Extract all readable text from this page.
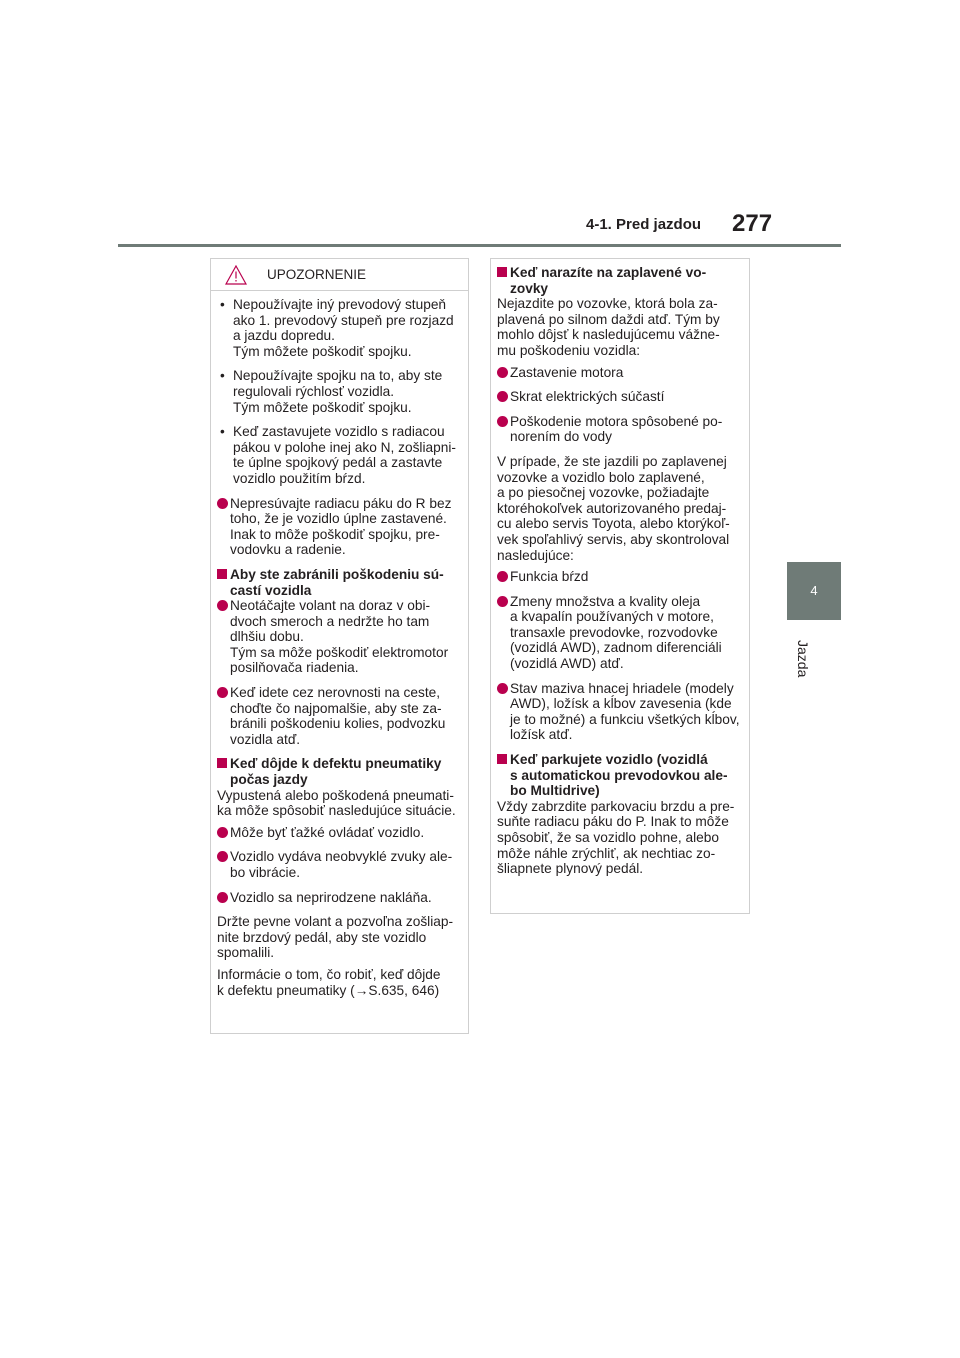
4-1. Pred jazdou 277
4
Jazda
UPOZORNENIE
• Nepoužívajte iný prevodový stupeň
ako 1. prevodový stupeň pre rozjazd
a jazdu dopredu.
Tým môžete poškodiť spojku.
• Nepoužívajte spojku na to, aby ste
regulovali rýchlosť vozidla.
Tým môžete poškodiť spojku.
• Keď zastavujete vozidlo s radiacou
pákou v polohe inej ako N, zošliapni-
te úplne spojkový pedál a zastavte
vozidlo použitím bŕzd.
Nepresúvajte radiacu páku do R bez
toho, že je vozidlo úplne zastavené.
Inak to môže poškodiť spojku, pre-
vodovku a radenie.
Aby ste zabránili poškodeniu sú-
castí vozidla
Neotáčajte volant na doraz v obi-
dvoch smeroch a nedržte ho tam
dlhšiu dobu.
Tým sa môže poškodiť elektromotor
posilňovača riadenia.
Keď idete cez nerovnosti na ceste,
choďte čo najpomalšie, aby ste za-
bránili poškodeniu kolies, podvozku
vozidla atď.
Keď dôjde k defektu pneumatiky
počas jazdy
Vypustená alebo poškodená pneumati-
ka môže spôsobiť nasledujúce situácie.
Môže byť ťažké ovládať vozidlo.
Vozidlo vydáva neobvyklé zvuky ale-
bo vibrácie.
Vozidlo sa neprirodzene nakláňa.
Držte pevne volant a pozvoľna zošliap-
nite brzdový pedál, aby ste vozidlo
spomalili.
Informácie o tom, čo robiť, keď dôjde
k defektu pneumatiky (→S.635, 646)
Keď narazíte na zaplavené vo-
zovky
Nejazdite po vozovke, ktorá bola za-
plavená po silnom daždi atď. Tým by
mohlo dôjsť k nasledujúcemu vážne-
mu poškodeniu vozidla:
Zastavenie motora
Skrat elektrických súčastí
Poškodenie motora spôsobené po-
norením do vody
V prípade, že ste jazdili po zaplavenej
vozovke a vozidlo bolo zaplavené,
a po piesočnej vozovke, požiadajte
ktoréhokoľvek autorizovaného predaj-
cu alebo servis Toyota, alebo ktorýkoľ-
vek spoľahlivý servis, aby skontroloval
nasledujúce:
Funkcia bŕzd
Zmeny množstva a kvality oleja
a kvapalín používaných v motore,
transaxle prevodovke, rozvodovke
(vozidlá AWD), zadnom diferenciáli
(vozidlá AWD) atď.
Stav maziva hnacej hriadele (modely
AWD), ložísk a kĺbov zavesenia (kde
je to možné) a funkciu všetkých kĺbov,
ložísk atď.
Keď parkujete vozidlo (vozidlá
s automatickou prevodovkou ale-
bo Multidrive)
Vždy zabrzdite parkovaciu brzdu a pre-
suňte radiacu páku do P. Inak to môže
spôsobiť, že sa vozidlo pohne, alebo
môže náhle zrýchliť, ak nechtiac zo-
šliapnete plynový pedál.
